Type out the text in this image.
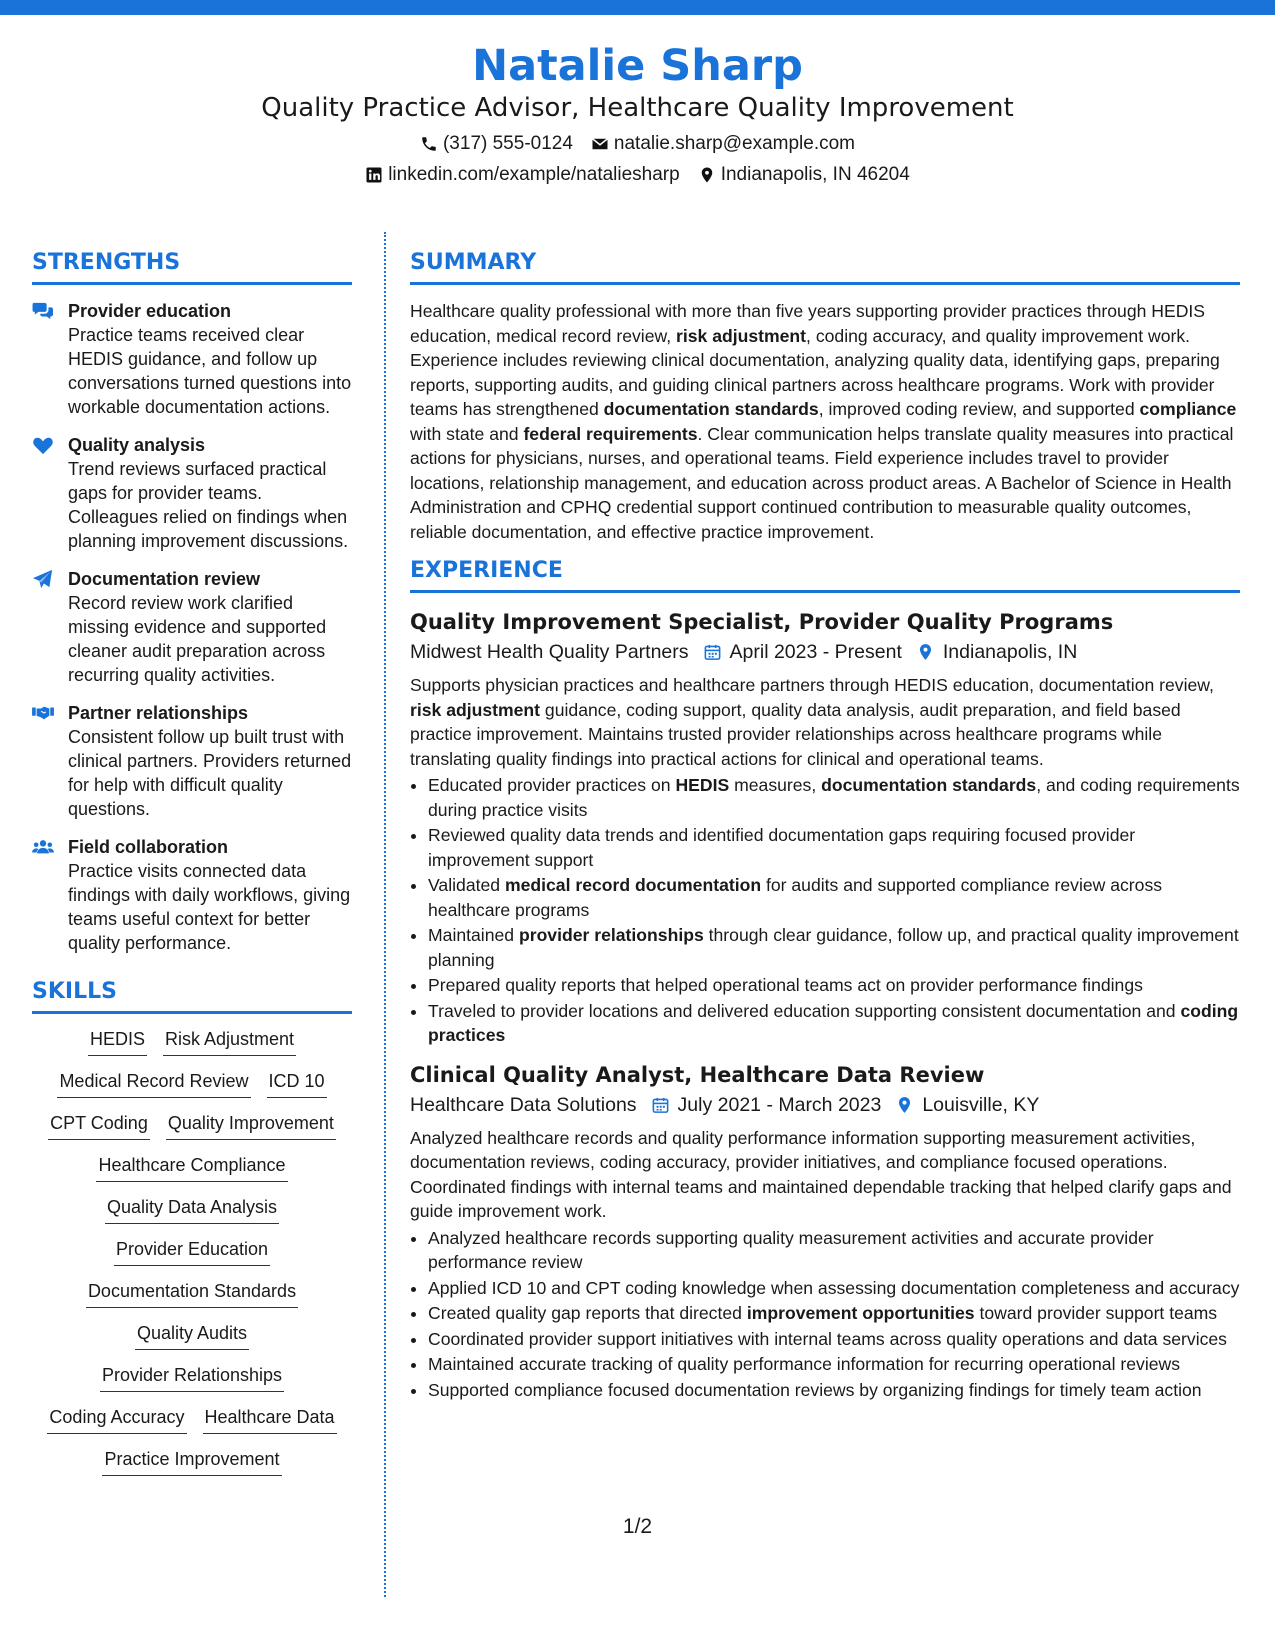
Natalie Sharp
Quality Practice Advisor, Healthcare Quality Improvement
(317) 555-0124 natalie.sharp@example.com
linkedin.com/example/nataliesharp Indianapolis, IN 46204
STRENGTHS
Provider education
Practice teams received clear HEDIS guidance, and follow up conversations turned questions into workable documentation actions.
Quality analysis
Trend reviews surfaced practical gaps for provider teams. Colleagues relied on findings when planning improvement discussions.
Documentation review
Record review work clarified missing evidence and supported cleaner audit preparation across recurring quality activities.
Partner relationships
Consistent follow up built trust with clinical partners. Providers returned for help with difficult quality questions.
Field collaboration
Practice visits connected data findings with daily workflows, giving teams useful context for better quality performance.
SKILLS
HEDIS Risk Adjustment
Medical Record Review ICD 10
CPT Coding Quality Improvement
Healthcare Compliance
Quality Data Analysis
Provider Education
Documentation Standards
Quality Audits
Provider Relationships
Coding Accuracy Healthcare Data
Practice Improvement
SUMMARY

Healthcare quality professional with more than five years supporting provider practices through HEDIS education, medical record review, risk adjustment, coding accuracy, and quality improvement work. Experience includes reviewing clinical documentation, analyzing quality data, identifying gaps, preparing reports, supporting audits, and guiding clinical partners across healthcare programs. Work with provider teams has strengthened documentation standards, improved coding review, and supported compliance with state and federal requirements. Clear communication helps translate quality measures into practical actions for physicians, nurses, and operational teams. Field experience includes travel to provider locations, relationship management, and education across product areas. A Bachelor of Science in Health Administration and CPHQ credential support continued contribution to measurable quality outcomes, reliable documentation, and effective practice improvement.

EXPERIENCE
Quality Improvement Specialist, Provider Quality Programs
Midwest Health Quality Partners April 2023 - Present Indianapolis, IN

Supports physician practices and healthcare partners through HEDIS education, documentation review, risk adjustment guidance, coding support, quality data analysis, audit preparation, and field based practice improvement. Maintains trusted provider relationships across healthcare programs while translating quality findings into practical actions for clinical and operational teams.

• Educated provider practices on HEDIS measures, documentation standards, and coding requirements during practice visits
• Reviewed quality data trends and identified documentation gaps requiring focused provider improvement support
• Validated medical record documentation for audits and supported compliance review across healthcare programs
• Maintained provider relationships through clear guidance, follow up, and practical quality improvement planning
• Prepared quality reports that helped operational teams act on provider performance findings
• Traveled to provider locations and delivered education supporting consistent documentation and coding practices
Clinical Quality Analyst, Healthcare Data Review
Healthcare Data Solutions July 2021 - March 2023 Louisville, KY

Analyzed healthcare records and quality performance information supporting measurement activities, documentation reviews, coding accuracy, provider initiatives, and compliance focused operations. Coordinated findings with internal teams and maintained dependable tracking that helped clarify gaps and guide improvement work.

• Analyzed healthcare records supporting quality measurement activities and accurate provider performance review
• Applied ICD 10 and CPT coding knowledge when assessing documentation completeness and accuracy
• Created quality gap reports that directed improvement opportunities toward provider support teams
• Coordinated provider support initiatives with internal teams across quality operations and data services
• Maintained accurate tracking of quality performance information for recurring operational reviews
• Supported compliance focused documentation reviews by organizing findings for timely team action
1/2
